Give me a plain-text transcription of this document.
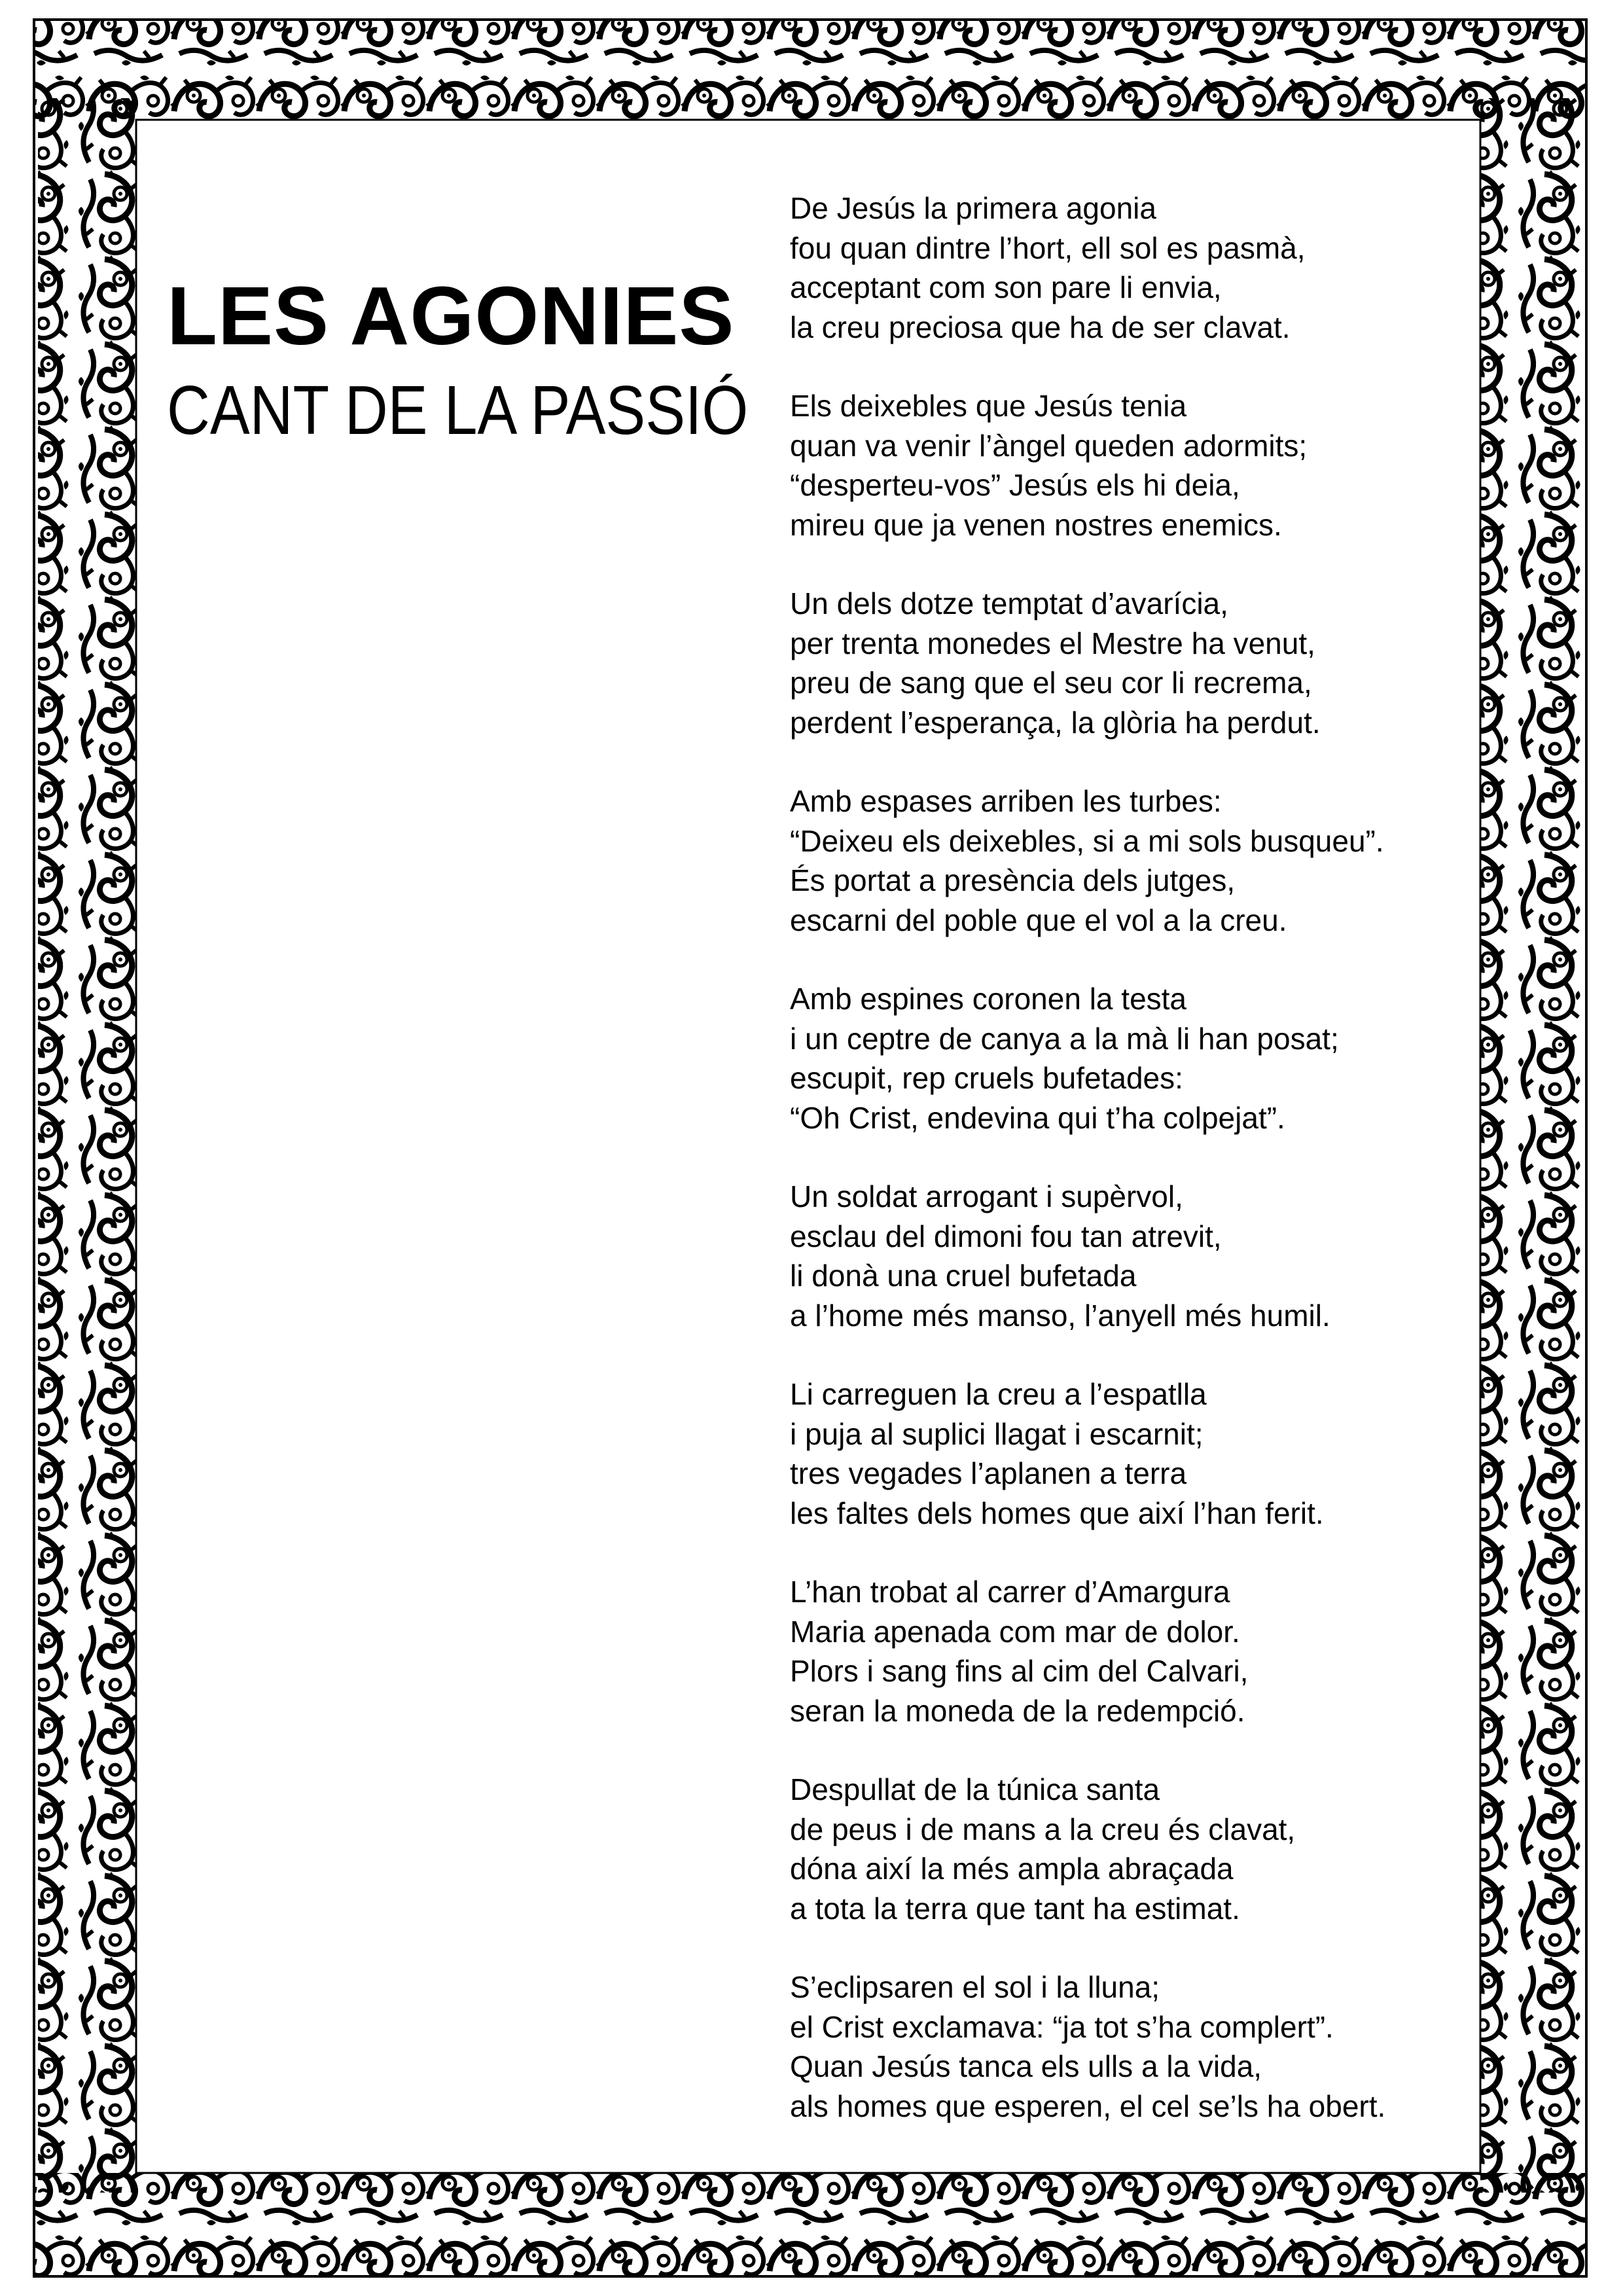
LES AGONIES
CANT DE LA PASSIÓ
De Jesús la primera agonia
fou quan dintre l’hort, ell sol es pasmà,
acceptant com son pare li envia,
la creu preciosa que ha de ser clavat.
Els deixebles que Jesús tenia
quan va venir l’àngel queden adormits;
“desperteu-vos” Jesús els hi deia,
mireu que ja venen nostres enemics.
Un dels dotze temptat d’avarícia,
per trenta monedes el Mestre ha venut,
preu de sang que el seu cor li recrema,
perdent l’esperança, la glòria ha perdut.
Amb espases arriben les turbes:
“Deixeu els deixebles, si a mi sols busqueu”.
És portat a presència dels jutges,
escarni del poble que el vol a la creu.
Amb espines coronen la testa
i un ceptre de canya a la mà li han posat;
escupit, rep cruels bufetades:
“Oh Crist, endevina qui t’ha colpejat”.
Un soldat arrogant i supèrvol,
esclau del dimoni fou tan atrevit,
li donà una cruel bufetada
a l’home més manso, l’anyell més humil.
Li carreguen la creu a l’espatlla
i puja al suplici llagat i escarnit;
tres vegades l’aplanen a terra
les faltes dels homes que així l’han ferit.
L’han trobat al carrer d’Amargura
Maria apenada com mar de dolor.
Plors i sang fins al cim del Calvari,
seran la moneda de la redempció.
Despullat de la túnica santa
de peus i de mans a la creu és clavat,
dóna així la més ampla abraçada
a tota la terra que tant ha estimat.
S’eclipsaren el sol i la lluna;
el Crist exclamava: “ja tot s’ha complert”.
Quan Jesús tanca els ulls a la vida,
als homes que esperen, el cel se’ls ha obert.
